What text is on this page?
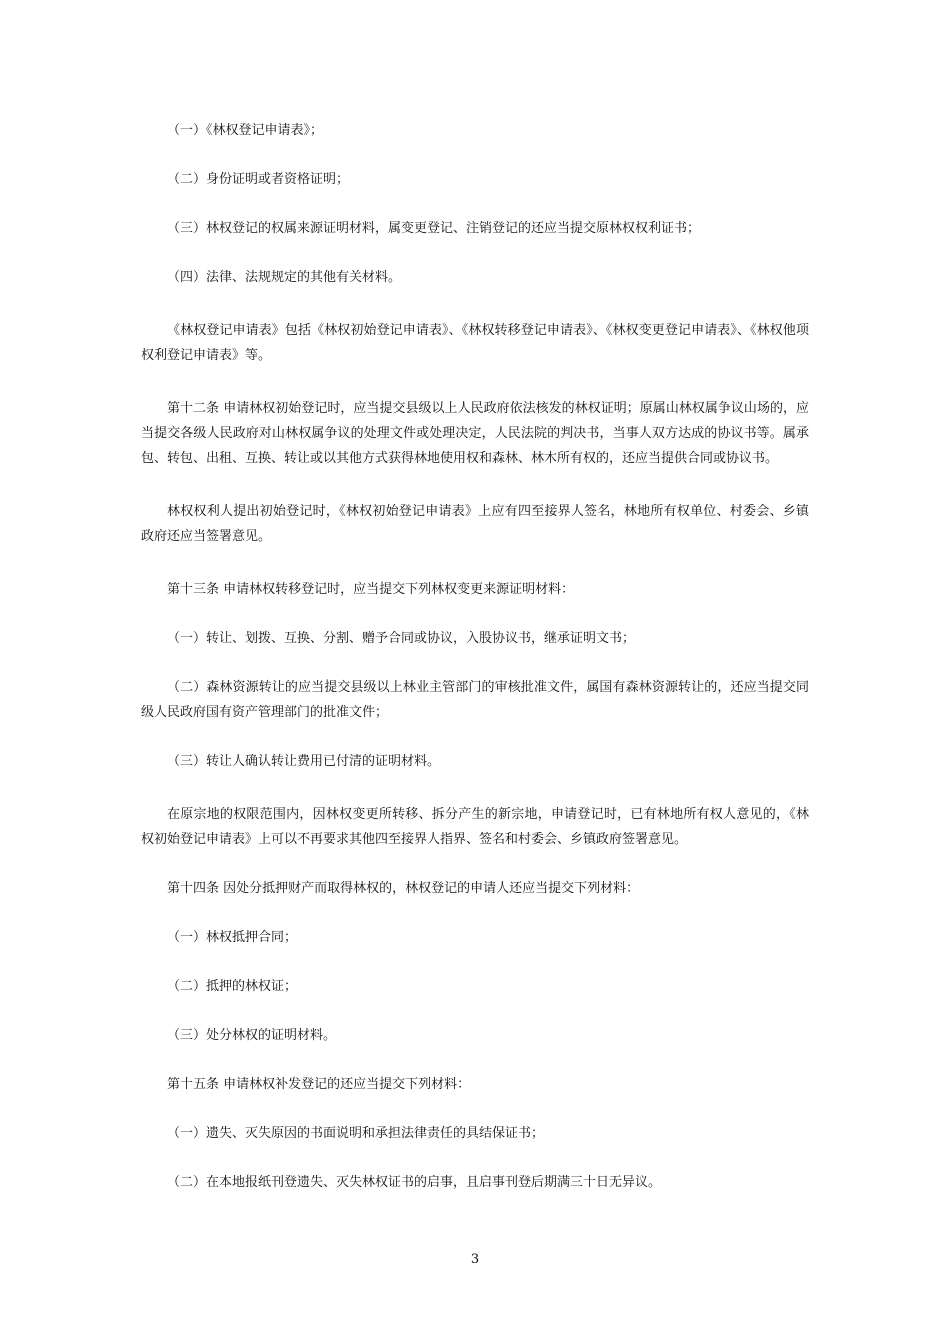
（一）《林权登记申请表》；

（二）身份证明或者资格证明；

（三）林权登记的权属来源证明材料，属变更登记、注销登记的还应当提交原林权权利证书；

（四）法律、法规规定的其他有关材料。

《林权登记申请表》包括《林权初始登记申请表》、《林权转移登记申请表》、《林权变更登记申请表》、《林权他项权利登记申请表》等。

第十二条 申请林权初始登记时，应当提交县级以上人民政府依法核发的林权证明；原属山林权属争议山场的，应当提交各级人民政府对山林权属争议的处理文件或处理决定，人民法院的判决书，当事人双方达成的协议书等。属承包、转包、出租、互换、转让或以其他方式获得林地使用权和森林、林木所有权的，还应当提供合同或协议书。

林权权利人提出初始登记时，《林权初始登记申请表》上应有四至接界人签名，林地所有权单位、村委会、乡镇政府还应当签署意见。

第十三条 申请林权转移登记时，应当提交下列林权变更来源证明材料：

（一）转让、划拨、互换、分割、赠予合同或协议，入股协议书，继承证明文书；

（二）森林资源转让的应当提交县级以上林业主管部门的审核批准文件，属国有森林资源转让的，还应当提交同级人民政府国有资产管理部门的批准文件；

（三）转让人确认转让费用已付清的证明材料。

在原宗地的权限范围内，因林权变更所转移、拆分产生的新宗地，申请登记时，已有林地所有权人意见的，《林权初始登记申请表》上可以不再要求其他四至接界人指界、签名和村委会、乡镇政府签署意见。

第十四条 因处分抵押财产而取得林权的，林权登记的申请人还应当提交下列材料：

（一）林权抵押合同；

（二）抵押的林权证；

（三）处分林权的证明材料。

第十五条 申请林权补发登记的还应当提交下列材料：

（一）遗失、灭失原因的书面说明和承担法律责任的具结保证书；

（二）在本地报纸刊登遗失、灭失林权证书的启事，且启事刊登后期满三十日无异议。

3
